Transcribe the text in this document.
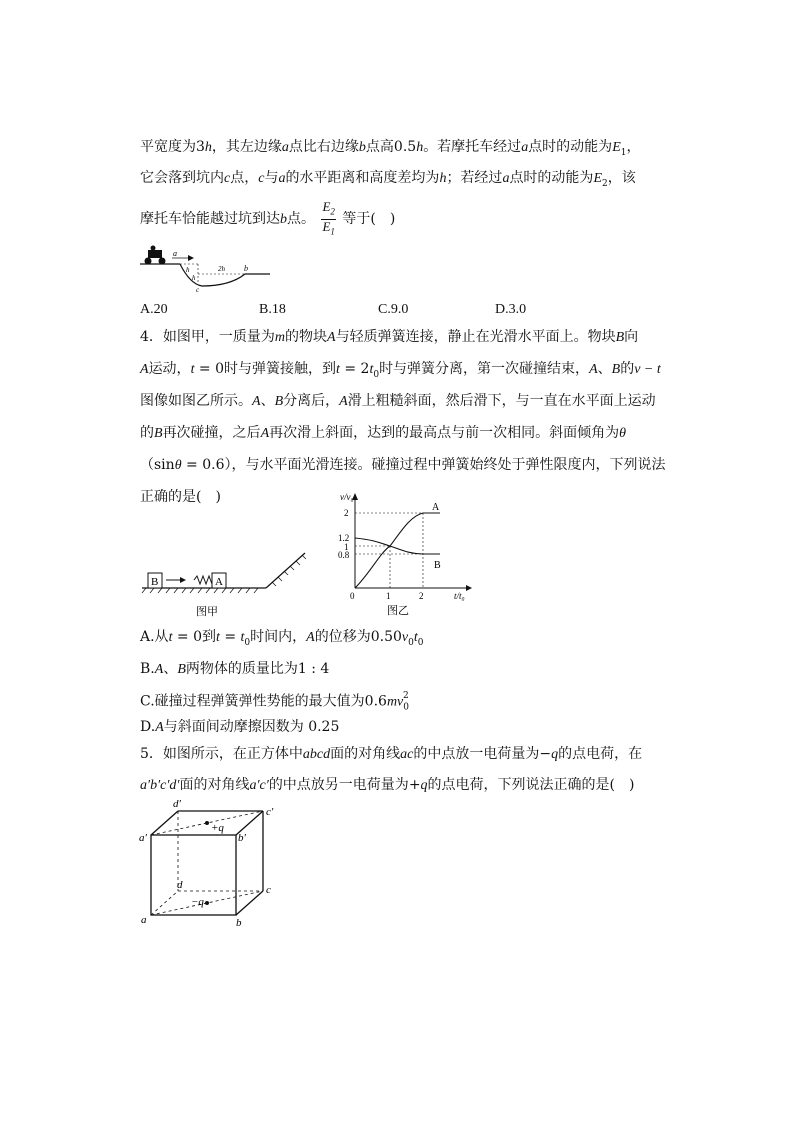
平宽度为3h，其左边缘a点比右边缘b点高0.5h。若摩托车经过a点时的动能为$E_1$，
它会落到坑内c点，c与a的水平距离和高度差均为h；若经过a点时的动能为$E_2$，该
摩托车恰能越过坑到达b点。 $\frac{E_2}{E_1}$ 等于(　)
a
h
h
2h b
c
A.20	B.18	C.9.0	D.3.0
4．如图甲，一质量为m的物块A与轻质弹簧连接，静止在光滑水平面上。物块B向
A运动，t = 0时与弹簧接触，到$t = 2t_0$时与弹簧分离，第一次碰撞结束，A、B的v − t
图像如图乙所示。A、B分离后，A滑上粗糙斜面，然后滑下，与一直在水平面上运动
的B再次碰撞，之后A再次滑上斜面，达到的最高点与前一次相同。斜面倾角为θ
（sinθ = 0.6），与水平面光滑连接。碰撞过程中弹簧始终处于弹性限度内，下列说法
正确的是(　)
B	A
图甲
v/v₀
t/t₀
2
1.2
1
0.8
0	1	2
A
B
图乙
A.从t = 0到$t = t_0$时间内，A的位移为$0.50v_0t_0$
B.A、B两物体的质量比为1 : 4
C.碰撞过程弹簧弹性势能的最大值为$0.6mv_0^2$
D.A与斜面间动摩擦因数为 0.25
5．如图所示，在正方体中abcd面的对角线ac的中点放一电荷量为−q的点电荷，在
a′b′c′d′面的对角线a′c′的中点放另一电荷量为+q的点电荷，下列说法正确的是(　)
+q
−q
a′
d′
c′
b′
d	c
a	b
